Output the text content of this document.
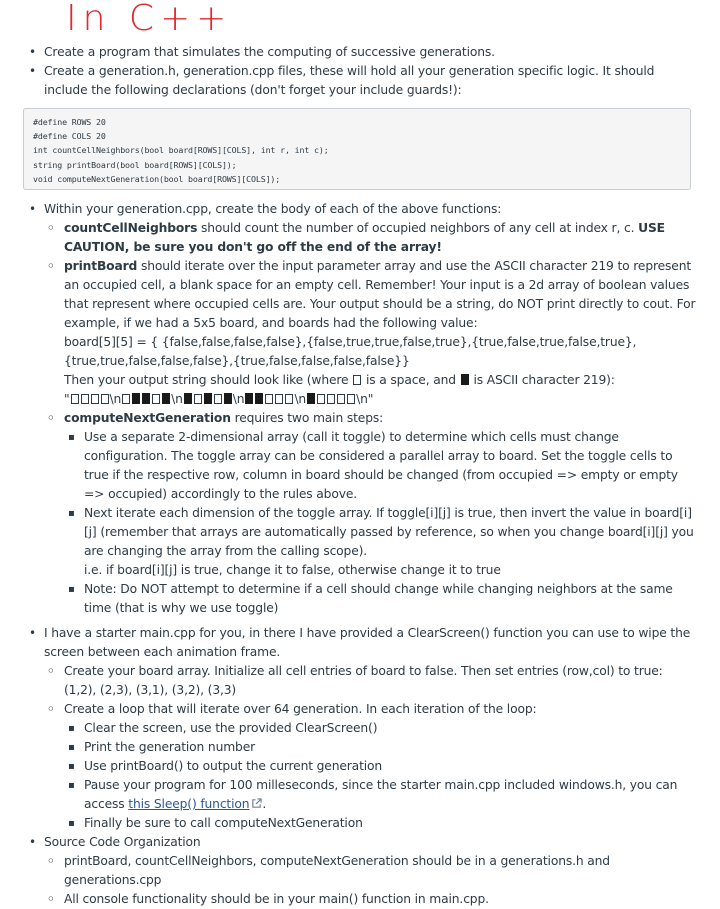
In C++
• Create a program that simulates the computing of successive generations.
• Create a generation.h, generation.cpp files, these will hold all your generation specific logic. It should include the following declarations (don't forget your include guards!):
#define ROWS 20
#define COLS 20
int countCellNeighbors(bool board[ROWS][COLS], int r, int c);
string printBoard(bool board[ROWS][COLS]);
void computeNextGeneration(bool board[ROWS][COLS]);
• Within your generation.cpp, create the body of each of the above functions:
◦ countCellNeighbors should count the number of occupied neighbors of any cell at index r, c. USE CAUTION, be sure you don't go off the end of the array!
◦ printBoard should iterate over the input parameter array and use the ASCII character 219 to represent an occupied cell, a blank space for an empty cell. Remember! Your input is a 2d array of boolean values that represent where occupied cells are. Your output should be a string, do NOT print directly to cout. For example, if we had a 5x5 board, and boards had the following value:
board[5][5] = { {false,false,false,false},{false,true,true,false,true},{true,false,true,false,true},
{true,true,false,false,false},{true,false,false,false,false}}
Then your output string should look like (where  is a space, and  is ASCII character 219):
"	\n	\n	\n	\n	\n"
◦ computeNextGeneration requires two main steps:
▪ Use a separate 2-dimensional array (call it toggle) to determine which cells must change configuration. The toggle array can be considered a parallel array to board. Set the toggle cells to true if the respective row, column in board should be changed (from occupied => empty or empty => occupied) accordingly to the rules above.
▪ Next iterate each dimension of the toggle array. If toggle[i][j] is true, then invert the value in board[i][j] (remember that arrays are automatically passed by reference, so when you change board[i][j] you are changing the array from the calling scope).
i.e. if board[i][j] is true, change it to false, otherwise change it to true
▪ Note: Do NOT attempt to determine if a cell should change while changing neighbors at the same time (that is why we use toggle)
• I have a starter main.cpp for you, in there I have provided a ClearScreen() function you can use to wipe the screen between each animation frame.
◦ Create your board array. Initialize all cell entries of board to false. Then set entries (row,col) to true: (1,2), (2,3), (3,1), (3,2), (3,3)
◦ Create a loop that will iterate over 64 generation. In each iteration of the loop:
▪ Clear the screen, use the provided ClearScreen()
▪ Print the generation number
▪ Use printBoard() to output the current generation
▪ Pause your program for 100 milleseconds, since the starter main.cpp included windows.h, you can access this Sleep() function .
▪ Finally be sure to call computeNextGeneration
• Source Code Organization
◦ printBoard, countCellNeighbors, computeNextGeneration should be in a generations.h and generations.cpp
◦ All console functionality should be in your main() function in main.cpp.
